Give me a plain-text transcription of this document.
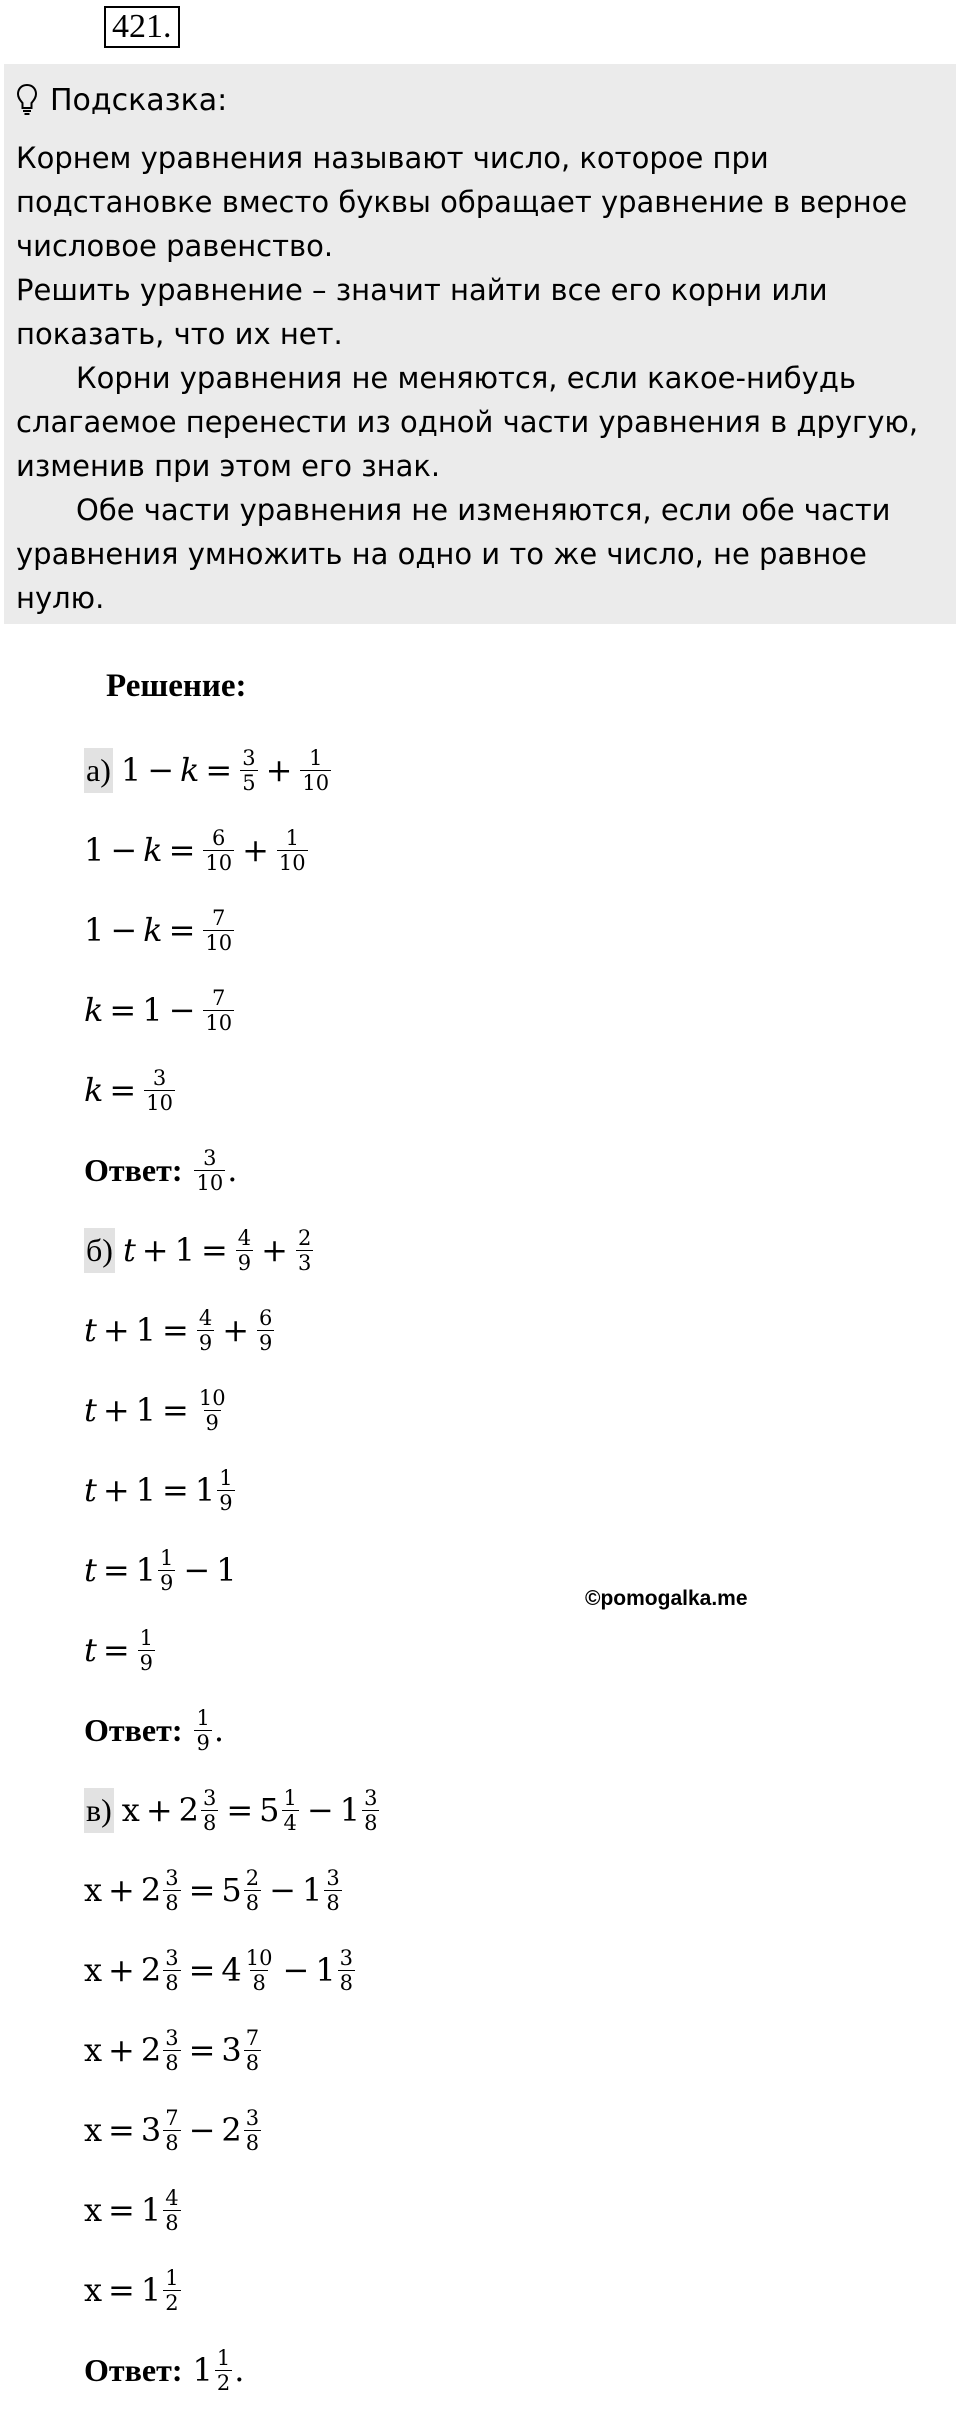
421.
Подсказка:

Корнем уравнения называют число, которое при подстановке вместо буквы обращает уравнение в верное числовое равенство.

Решить уравнение – значит найти все его корни или показать, что их нет.

Корни уравнения не меняются, если какое-нибудь слагаемое перенести из одной части уравнения в другую, изменив при этом его знак.

Обе части уравнения не изменяются, если обе части уравнения умножить на одно и то же число, не равное нулю.

Решение:
а) $1 - k = \frac{3}{5} + \frac{1}{10}$
$1 - k = \frac{6}{10} + \frac{1}{10}$
$1 - k = \frac{7}{10}$
$k = 1 - \frac{7}{10}$
$k = \frac{3}{10}$
Ответ: $\frac{3}{10}$ .
б) $t + 1 = \frac{4}{9} + \frac{2}{3}$
$t + 1 = \frac{4}{9} + \frac{6}{9}$
$t + 1 = \frac{10}{9}$
$t + 1 = 1 \frac{1}{9}$
$t = 1 \frac{1}{9} - 1$
$t = \frac{1}{9}$
Ответ: $\frac{1}{9}$ .
в) $x + 2 \frac{3}{8} = 5 \frac{1}{4} - 1 \frac{3}{8}$
$x + 2 \frac{3}{8} = 5 \frac{2}{8} - 1 \frac{3}{8}$
$x + 2 \frac{3}{8} = 4 \frac{10}{8} - 1 \frac{3}{8}$
$x + 2 \frac{3}{8} = 3 \frac{7}{8}$
$x = 3 \frac{7}{8} - 2 \frac{3}{8}$
$x = 1 \frac{4}{8}$
$x = 1 \frac{1}{2}$
Ответ: $1 \frac{1}{2}$ .
©pomogalka.me
